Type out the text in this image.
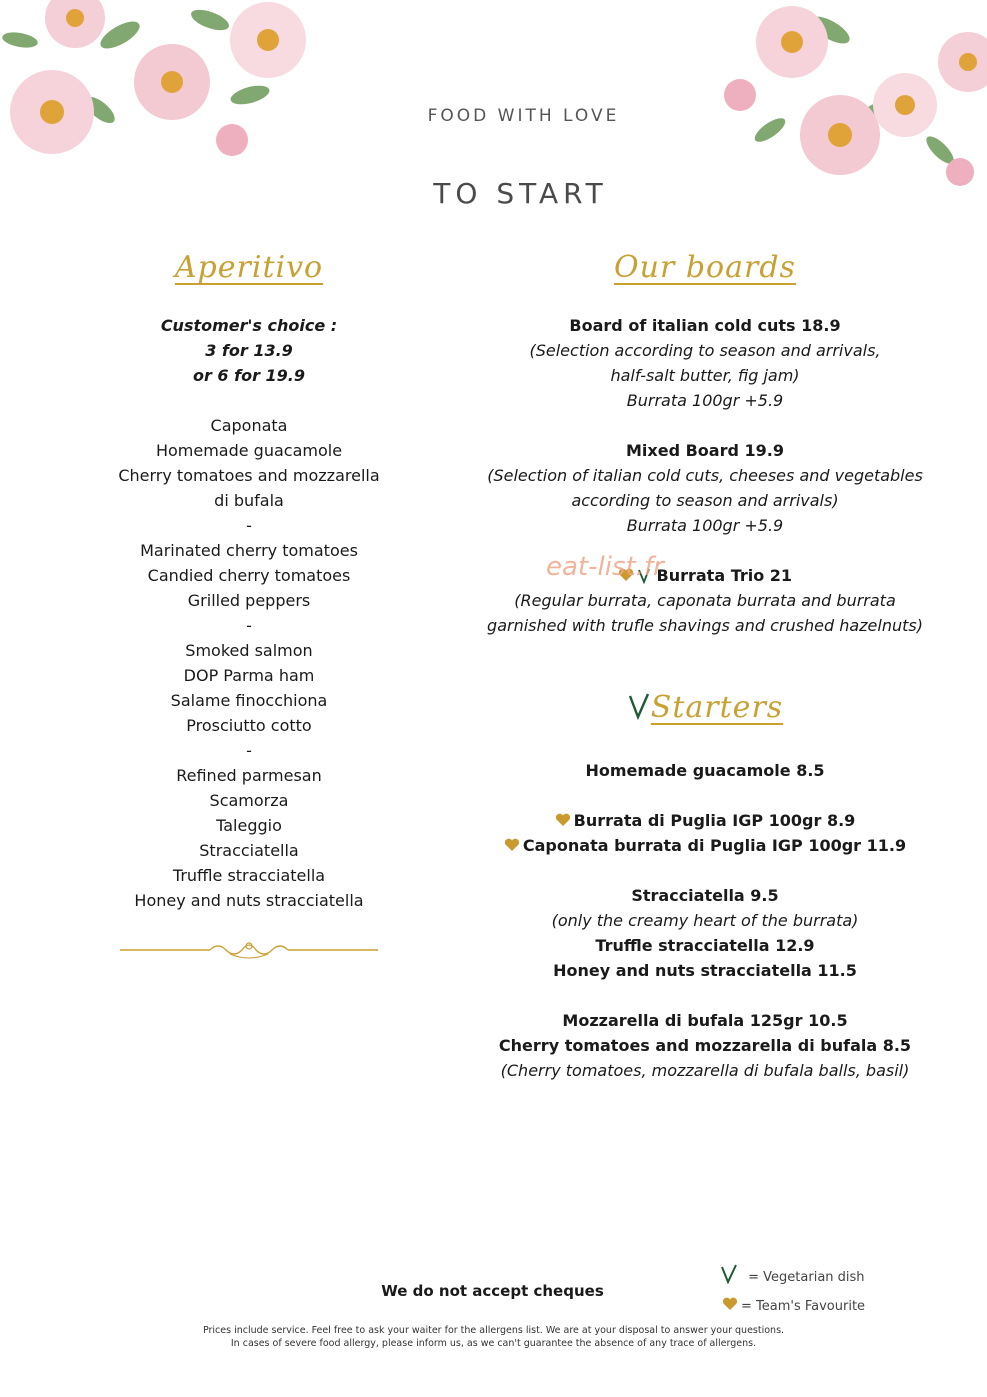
FOOD WITH LOVE
TO START
Aperitivo
Customer's choice :
3 for 13.9
or 6 for 19.9
Caponata
Homemade guacamole
Cherry tomatoes and mozzarella
di bufala
-
Marinated cherry tomatoes
Candied cherry tomatoes
Grilled peppers
-
Smoked salmon
DOP Parma ham
Salame finocchiona
Prosciutto cotto
-
Refined parmesan
Scamorza
Taleggio
Stracciatella
Truffle stracciatella
Honey and nuts stracciatella
Our boards
Board of italian cold cuts 18.9
(Selection according to season and arrivals,
half-salt butter, fig jam)
Burrata 100gr +5.9
Mixed Board 19.9
(Selection of italian cold cuts, cheeses and vegetables
according to season and arrivals)
Burrata 100gr +5.9
Burrata Trio 21
(Regular burrata, caponata burrata and burrata
garnished with trufle shavings and crushed hazelnuts)
eat-list.fr
Starters
Homemade guacamole 8.5
Burrata di Puglia IGP 100gr 8.9
Caponata burrata di Puglia IGP 100gr 11.9
Stracciatella 9.5
(only the creamy heart of the burrata)
Truffle stracciatella 12.9
Honey and nuts stracciatella 11.5
Mozzarella di bufala 125gr 10.5
Cherry tomatoes and mozzarella di bufala 8.5
(Cherry tomatoes, mozzarella di bufala balls, basil)
We do not accept cheques
= Vegetarian dish
= Team's Favourite
Prices include service. Feel free to ask your waiter for the allergens list. We are at your disposal to answer your questions.
In cases of severe food allergy, please inform us, as we can't guarantee the absence of any trace of allergens.
